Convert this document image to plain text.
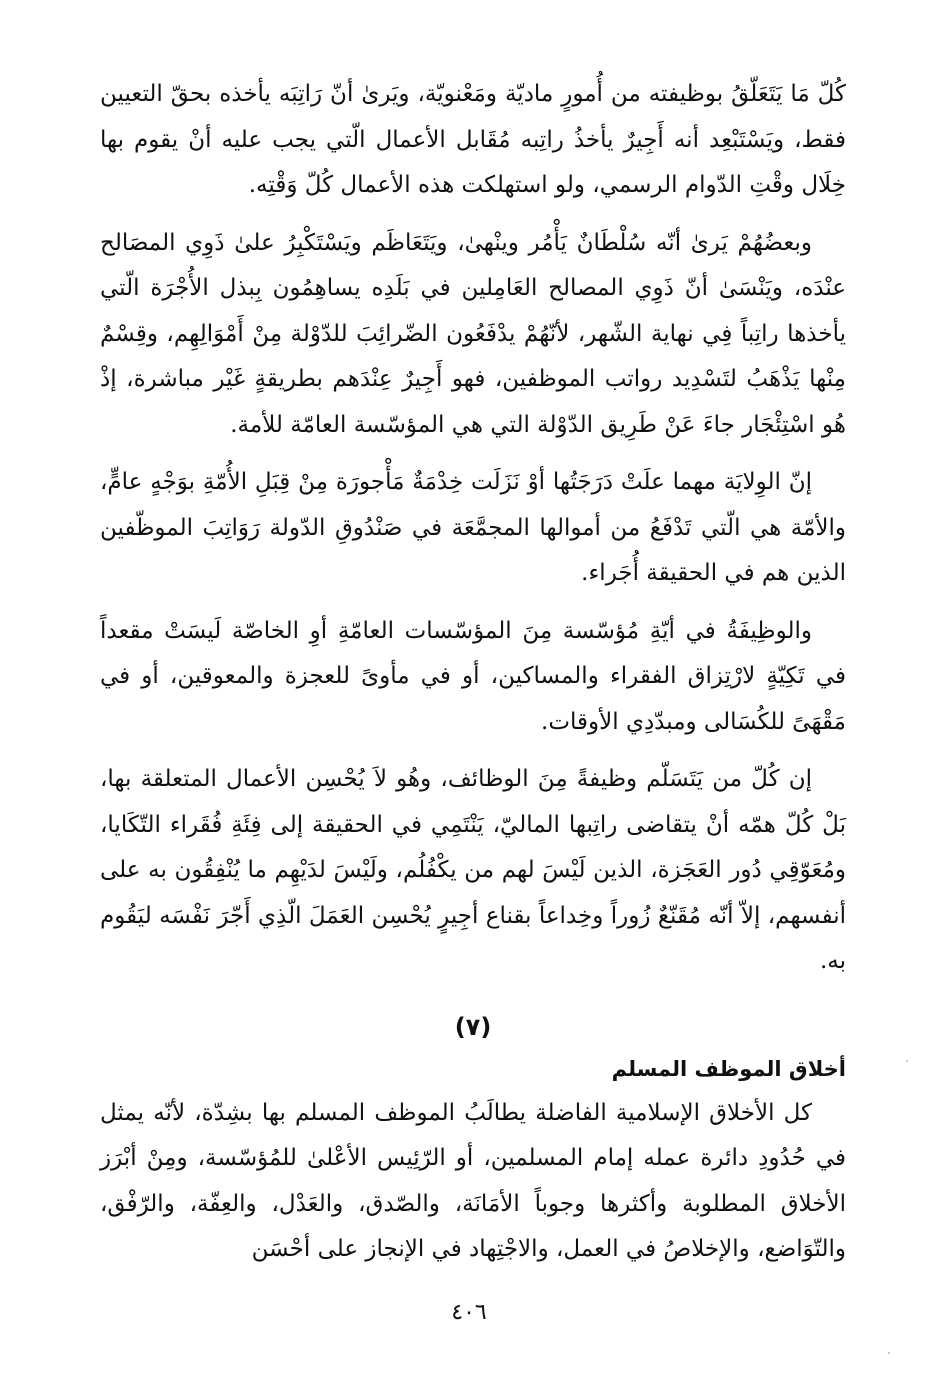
كُلّ مَا يَتَعَلّقُ بوظيفته من أُمورٍ ماديّة ومَعْنويّة، ويَرىٰ أنّ رَاتِبَه يأخذه بحقّ التعيين فقط، ويَسْتَبْعِد أنه أَجِيرٌ يأخذُ راتِبه مُقَابل الأعمال الّتي يجب عليه أنْ يقوم بها خِلَال وقْتِ الدّوام الرسمي، ولو استهلكت هذه الأعمال كُلّ وَقْتِه.

وبعضُهُمْ يَرىٰ أنّه سُلْطَانٌ يَأْمُر وينْهىٰ، ويَتَعَاظَم ويَسْتَكْبِرُ علىٰ ذَوِي المصَالح عنْدَه، ويَنْسَىٰ أنّ ذَوِي المصالح العَامِلين في بَلَدِه يساهِمُون بِبذل الأُجْرَة الّتي يأخذها راتِباً فِي نهاية الشّهر، لأنّهُمْ يدْفَعُون الضّرائِبَ للدّوْلة مِنْ أَمْوَالِهِم، وقِسْمٌ مِنْها يَذْهَبُ لتَسْدِيد رواتب الموظفين، فهو أَجِيرٌ عِنْدَهم بطريقةٍ غَيْر مباشرة، إذْ هُو اسْتِئْجَار جاءَ عَنْ طَرِيق الدّوْلة التي هي المؤسّسة العامّة للأمة.

إنّ الوِلايَة مهما علَتْ دَرَجَتُها أوْ نَزَلَت خِدْمَةٌ مَأْجورَة مِنْ قِبَلِ الأُمّةِ بوَجْهٍ عامٍّ، والأمّة هي الّتي تَدْفَعُ من أموالها المجمَّعَة في صَنْدُوقِ الدّولة رَوَاتِبَ الموظّفين الذين هم في الحقيقة أُجَراء.

والوظِيفَةُ في أيّةِ مُؤسّسة مِنَ المؤسّسات العامّةِ أوِ الخاصّة لَيسَتْ مقعداً في تَكِيّةٍ لارْتِزاق الفقراء والمساكين، أو في مأوىً للعجزة والمعوقين، أو في مَقْهَىً للكُسَالى ومبدّدِي الأوقات.

إن كُلّ من يَتَسَلّم وظيفةً مِنَ الوظائف، وهُو لاَ يُحْسِن الأعمال المتعلقة بها، بَلْ كُلّ همّه أنْ يتقاضى راتِبها الماليّ، يَنْتَمِي في الحقيقة إلى فِئَةِ فُقَراء التّكَايا، ومُعَوّقِي دُور العَجَزة، الذين لَيْسَ لهم من يكْفُلُم، ولَيْسَ لدَيْهِم ما يُنْفِقُون به على أنفسهم، إلاّ أنّه مُقَنّعٌ زُوراً وخِداعاً بقناع أجِيرٍ يُحْسِن العَمَلَ الّذِي أَجّرَ نَفْسَه ليَقُوم به.

(٧)
أخلاق الموظف المسلم

كل الأخلاق الإسلامية الفاضلة يطالَبُ الموظف المسلم بها بشِدّة، لأنّه يمثل في حُدُودِ دائرة عمله إمام المسلمين، أو الرّئِيس الأعْلىٰ للمُؤسّسة، ومِنْ أبْرَز الأخلاق المطلوبة وأكثرها وجوباً الأمَانَة، والصّدق، والعَدْل، والعِفّة، والرّفْق، والتّوَاضع، والإخلاصُ في العمل، والاجْتِهاد في الإنجاز على أحْسَن

٤٠٦
